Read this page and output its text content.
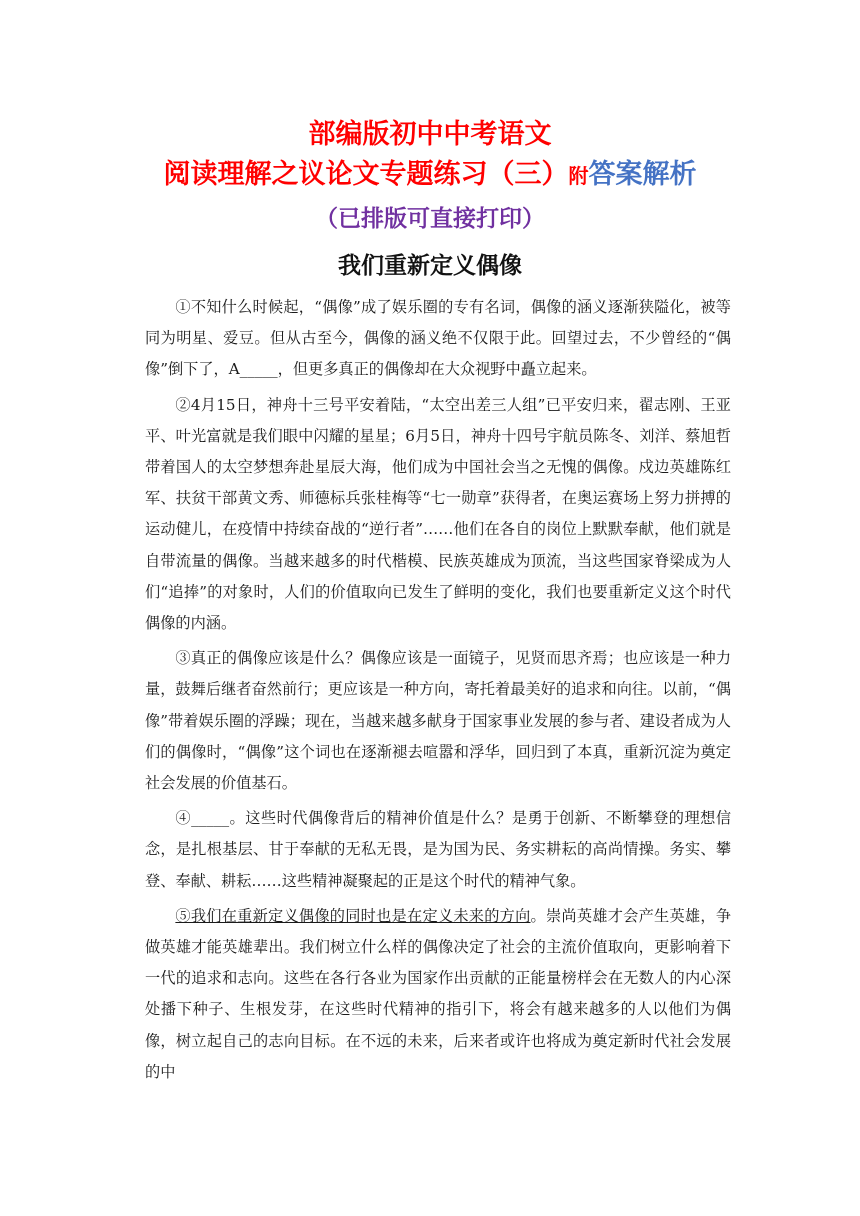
部编版初中中考语文
阅读理解之议论文专题练习（三）附答案解析
（已排版可直接打印）
我们重新定义偶像

①不知什么时候起，“偶像”成了娱乐圈的专有名词，偶像的涵义逐渐狭隘化，被等同为明星、爱豆。但从古至今，偶像的涵义绝不仅限于此。回望过去，不少曾经的“偶像”倒下了，A_____，但更多真正的偶像却在大众视野中矗立起来。

②4月15日，神舟十三号平安着陆，“太空出差三人组”已平安归来，翟志刚、王亚平、叶光富就是我们眼中闪耀的星星；6月5日，神舟十四号宇航员陈冬、刘洋、蔡旭哲带着国人的太空梦想奔赴星辰大海，他们成为中国社会当之无愧的偶像。戍边英雄陈红军、扶贫干部黄文秀、师德标兵张桂梅等“七一勋章”获得者，在奥运赛场上努力拼搏的运动健儿，在疫情中持续奋战的“逆行者”……他们在各自的岗位上默默奉献，他们就是自带流量的偶像。当越来越多的时代楷模、民族英雄成为顶流，当这些国家脊梁成为人们“追捧”的对象时，人们的价值取向已发生了鲜明的变化，我们也要重新定义这个时代偶像的内涵。

③真正的偶像应该是什么？偶像应该是一面镜子，见贤而思齐焉；也应该是一种力量，鼓舞后继者奋然前行；更应该是一种方向，寄托着最美好的追求和向往。以前，“偶像”带着娱乐圈的浮躁；现在，当越来越多献身于国家事业发展的参与者、建设者成为人们的偶像时，“偶像”这个词也在逐渐褪去喧嚣和浮华，回归到了本真，重新沉淀为奠定社会发展的价值基石。

④_____。这些时代偶像背后的精神价值是什么？是勇于创新、不断攀登的理想信念，是扎根基层、甘于奉献的无私无畏，是为国为民、务实耕耘的高尚情操。务实、攀登、奉献、耕耘……这些精神凝聚起的正是这个时代的精神气象。

⑤我们在重新定义偶像的同时也是在定义未来的方向。崇尚英雄才会产生英雄，争做英雄才能英雄辈出。我们树立什么样的偶像决定了社会的主流价值取向，更影响着下一代的追求和志向。这些在各行各业为国家作出贡献的正能量榜样会在无数人的内心深处播下种子、生根发芽，在这些时代精神的指引下，将会有越来越多的人以他们为偶像，树立起自己的志向目标。在不远的未来，后来者或许也将成为奠定新时代社会发展的中
